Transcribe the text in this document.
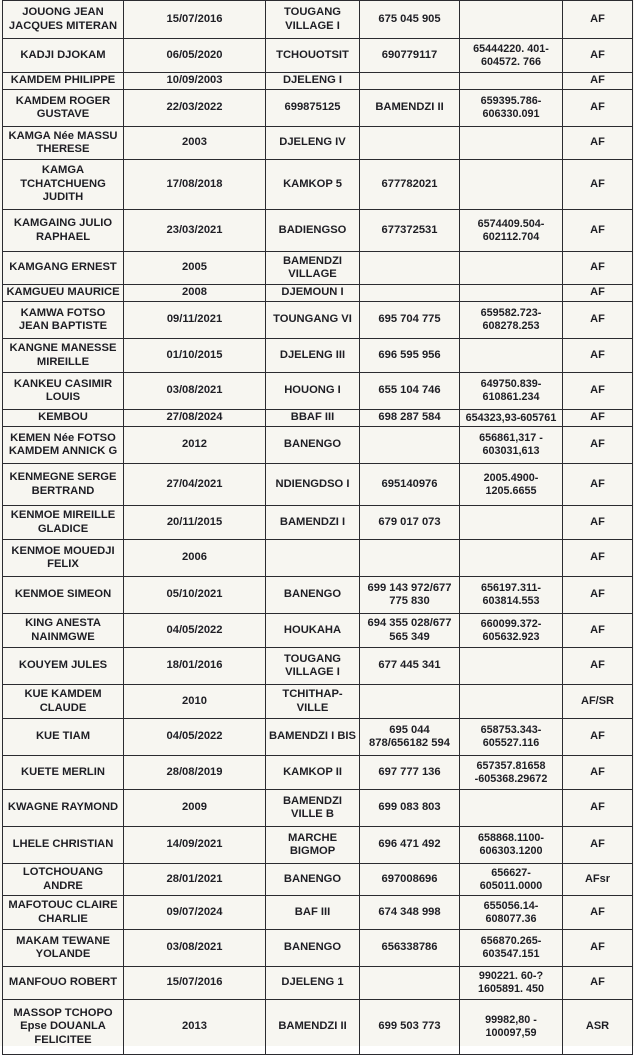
JOUONG JEAN JACQUES MITERAN	15/07/2016	TOUGANG VILLAGE I	675 045 905		AF
KADJI DJOKAM	06/05/2020	TCHOUOTSIT	690779117	65444220. 401-604572. 766	AF
KAMDEM PHILIPPE	10/09/2003	DJELENG I			AF
KAMDEM ROGER GUSTAVE	22/03/2022	699875125	BAMENDZI II	659395.786-606330.091	AF
KAMGA Née MASSU THERESE	2003	DJELENG IV			AF
KAMGA TCHATCHUENG JUDITH	17/08/2018	KAMKOP 5	677782021		AF
KAMGAING JULIO RAPHAEL	23/03/2021	BADIENGSO	677372531	6574409.504-602112.704	AF
KAMGANG ERNEST	2005	BAMENDZI VILLAGE			AF
KAMGUEU MAURICE	2008	DJEMOUN I			AF
KAMWA FOTSO JEAN BAPTISTE	09/11/2021	TOUNGANG VI	695 704 775	659582.723-608278.253	AF
KANGNE MANESSE MIREILLE	01/10/2015	DJELENG III	696 595 956		AF
KANKEU CASIMIR LOUIS	03/08/2021	HOUONG I	655 104 746	649750.839-610861.234	AF
KEMBOU	27/08/2024	BBAF III	698 287 584	654323,93-605761	AF
KEMEN Née FOTSO KAMDEM ANNICK G	2012	BANENGO		656861,317 - 603031,613	AF
KENMEGNE SERGE BERTRAND	27/04/2021	NDIENGDSO I	695140976	2005.4900-1205.6655	AF
KENMOE MIREILLE GLADICE	20/11/2015	BAMENDZI I	679 017 073		AF
KENMOE MOUEDJI FELIX	2006				AF
KENMOE SIMEON	05/10/2021	BANENGO	699 143 972/677 775 830	656197.311-603814.553	AF
KING ANESTA NAINMGWE	04/05/2022	HOUKAHA	694 355 028/677 565 349	660099.372-605632.923	AF
KOUYEM JULES	18/01/2016	TOUGANG VILLAGE I	677 445 341		AF
KUE KAMDEM CLAUDE	2010	TCHITHAP-VILLE			AF/SR
KUE TIAM	04/05/2022	BAMENDZI I BIS	695 044 878/656182 594	658753.343-605527.116	AF
KUETE MERLIN	28/08/2019	KAMKOP II	697 777 136	657357.81658 -605368.29672	AF
KWAGNE RAYMOND	2009	BAMENDZI VILLE B	699 083 803		AF
LHELE CHRISTIAN	14/09/2021	MARCHE BIGMOP	696 471 492	658868.1100-606303.1200	AF
LOTCHOUANG ANDRE	28/01/2021	BANENGO	697008696	656627-605011.0000	AFsr
MAFOTOUC CLAIRE CHARLIE	09/07/2024	BAF III	674 348 998	655056.14-608077.36	AF
MAKAM TEWANE YOLANDE	03/08/2021	BANENGO	656338786	656870.265-603547.151	AF
MANFOUO ROBERT	15/07/2016	DJELENG 1		990221. 60-? 1605891. 450	AF
MASSOP TCHOPO Epse DOUANLA FELICITEE	2013	BAMENDZI II	699 503 773	99982,80 - 100097,59	ASR
